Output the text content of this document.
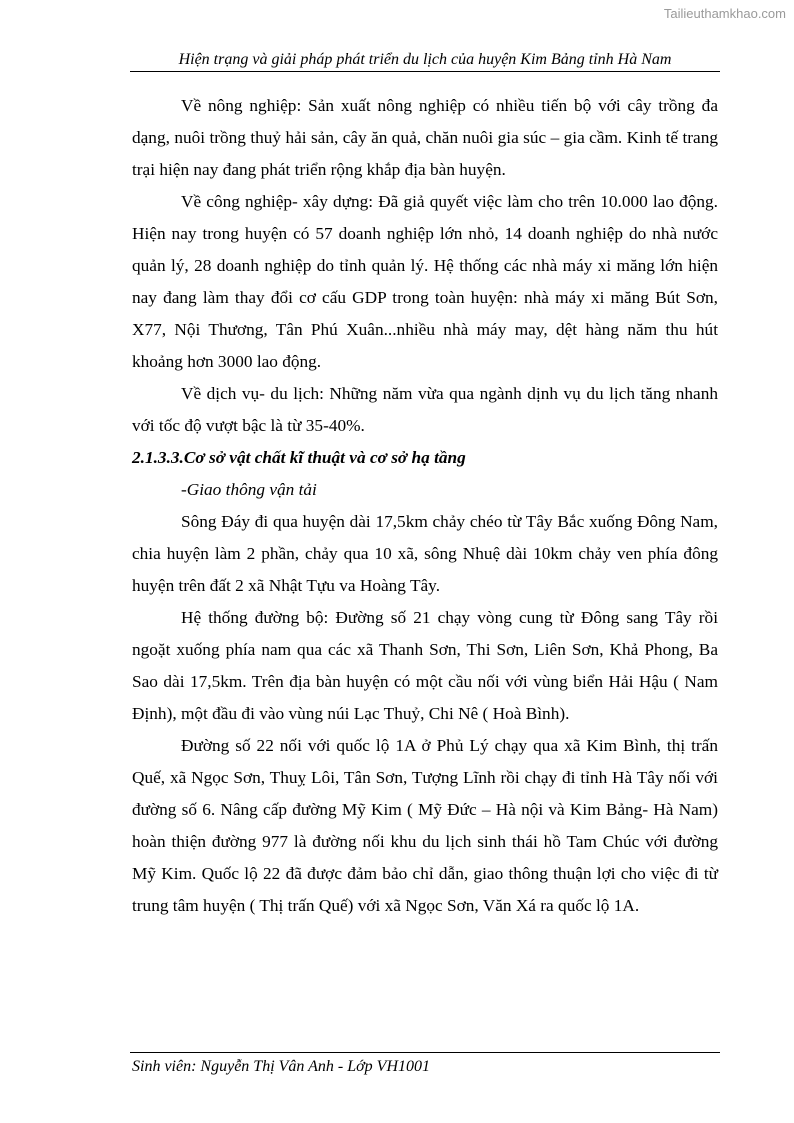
Tailieuthamkhao.com
Hiện trạng và giải pháp phát triển du lịch của huyện Kim Bảng tỉnh Hà Nam

Về nông nghiệp: Sản xuất nông nghiệp có nhiều tiến bộ với cây trồng đa dạng, nuôi trồng thuỷ hải sản, cây ăn quả, chăn nuôi gia súc – gia cầm. Kinh tế trang trại hiện nay đang phát triển rộng khắp địa bàn huyện.

Về công nghiệp- xây dựng: Đã giả quyết việc làm cho trên 10.000 lao động. Hiện nay trong huyện có 57 doanh nghiệp lớn nhỏ, 14 doanh nghiệp do nhà nước quản lý, 28 doanh nghiệp do tỉnh quản lý. Hệ thống các nhà máy xi măng lớn hiện nay đang làm thay đổi cơ cấu GDP trong toàn huyện: nhà máy xi măng Bút Sơn, X77, Nội Thương, Tân Phú Xuân...nhiều nhà máy may, dệt hàng năm thu hút khoảng hơn 3000 lao động.

Về dịch vụ- du lịch: Những năm vừa qua ngành dịnh vụ du lịch tăng nhanh với tốc độ vượt bậc là từ 35-40%.

2.1.3.3.Cơ sở vật chất kĩ thuật và cơ sở hạ tầng

-Giao thông vận tải

Sông Đáy đi qua huyện dài 17,5km chảy chéo từ Tây Bắc xuống Đông Nam, chia huyện làm 2 phần, chảy qua 10 xã, sông Nhuệ dài 10km chảy ven phía đông huyện trên đất 2 xã Nhật Tựu va Hoàng Tây.

Hệ thống đường bộ: Đường số 21 chạy vòng cung từ Đông sang Tây rồi ngoặt xuống phía nam qua các xã Thanh Sơn, Thi Sơn, Liên Sơn, Khả Phong, Ba Sao dài 17,5km. Trên địa bàn huyện có một cầu nối với vùng biển Hải Hậu ( Nam Định), một đầu đi vào vùng núi Lạc Thuỷ, Chi Nê ( Hoà Bình).

Đường số 22 nối với quốc lộ 1A ở Phủ Lý chạy qua xã Kim Bình, thị trấn Quế, xã Ngọc Sơn, Thuỵ Lôi, Tân Sơn, Tượng Lĩnh rồi chạy đi tỉnh Hà Tây nối với đường số 6. Nâng cấp đường Mỹ Kim ( Mỹ Đức – Hà nội và Kim Bảng- Hà Nam) hoàn thiện đường 977 là đường nối khu du lịch sinh thái hồ Tam Chúc với đường Mỹ Kim. Quốc lộ 22 đã được đảm bảo chỉ dẫn, giao thông thuận lợi cho việc đi từ trung tâm huyện ( Thị trấn Quế) với xã Ngọc Sơn, Văn Xá ra quốc lộ 1A.

Sinh viên: Nguyễn Thị Vân Anh - Lớp VH1001
